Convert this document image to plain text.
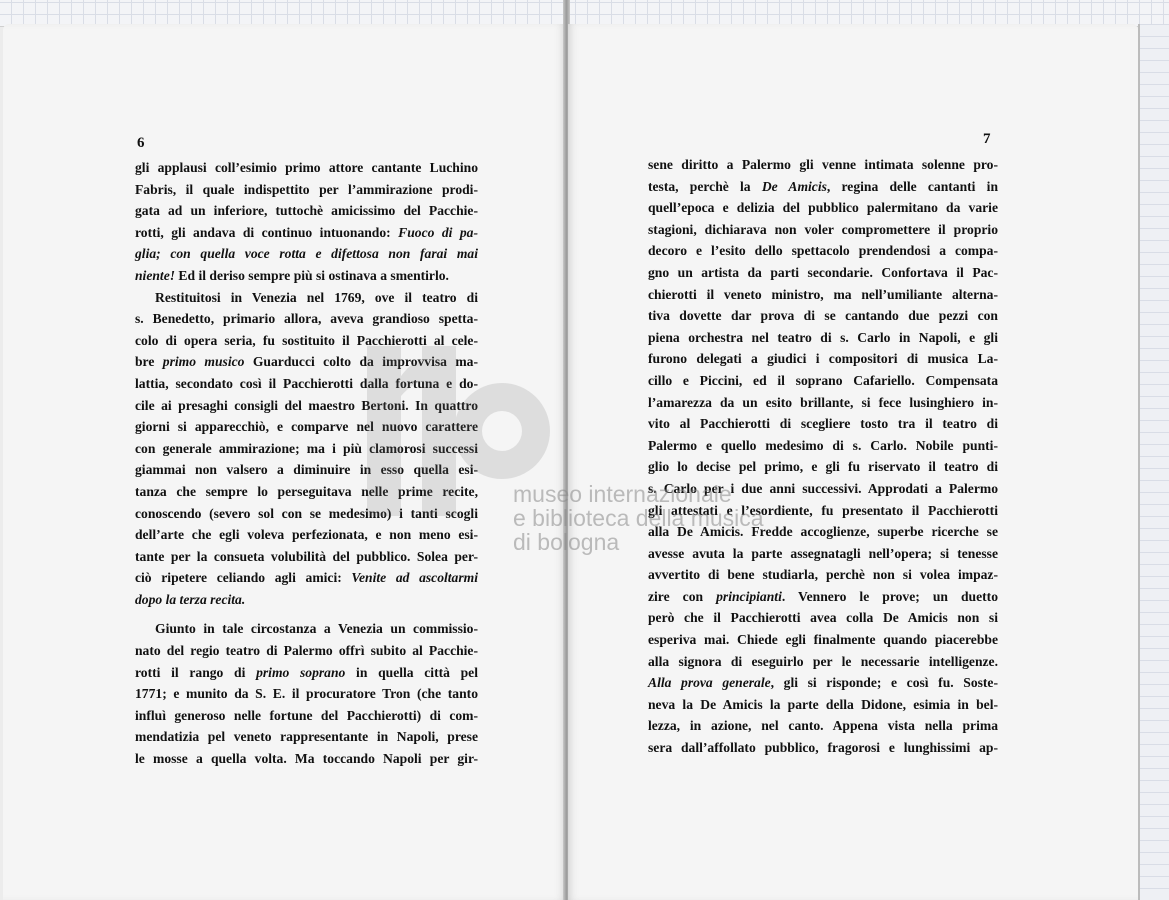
6
gli applausi coll’esimio primo attore cantante Luchino
Fabris, il quale indispettito per l’ammirazione prodi-
gata ad un inferiore, tuttochè amicissimo del Pacchie-
rotti, gli andava di continuo intuonando: Fuoco di pa-
glia; con quella voce rotta e difettosa non farai mai
niente! Ed il deriso sempre più si ostinava a smentirlo.
Restituitosi in Venezia nel 1769, ove il teatro di
s. Benedetto, primario allora, aveva grandioso spetta-
colo di opera seria, fu sostituito il Pacchierotti al cele-
bre primo musico Guarducci colto da improvvisa ma-
lattia, secondato così il Pacchierotti dalla fortuna e do-
cile ai presaghi consigli del maestro Bertoni. In quattro
giorni si apparecchiò, e comparve nel nuovo carattere
con generale ammirazione; ma i più clamorosi successi
giammai non valsero a diminuire in esso quella esi-
tanza che sempre lo perseguitava nelle prime recite,
conoscendo (severo sol con se medesimo) i tanti scogli
dell’arte che egli voleva perfezionata, e non meno esi-
tante per la consueta volubilità del pubblico. Solea per-
ciò ripetere celiando agli amici: Venite ad ascoltarmi
dopo la terza recita.
Giunto in tale circostanza a Venezia un commissio-
nato del regio teatro di Palermo offrì subito al Pacchie-
rotti il rango di primo soprano in quella città pel
1771; e munito da S. E. il procuratore Tron (che tanto
influì generoso nelle fortune del Pacchierotti) di com-
mendatizia pel veneto rappresentante in Napoli, prese
le mosse a quella volta. Ma toccando Napoli per gir-
7
sene diritto a Palermo gli venne intimata solenne pro-
testa, perchè la De Amicis, regina delle cantanti in
quell’epoca e delizia del pubblico palermitano da varie
stagioni, dichiarava non voler compromettere il proprio
decoro e l’esito dello spettacolo prendendosi a compa-
gno un artista da parti secondarie. Confortava il Pac-
chierotti il veneto ministro, ma nell’umiliante alterna-
tiva dovette dar prova di se cantando due pezzi con
piena orchestra nel teatro di s. Carlo in Napoli, e gli
furono delegati a giudici i compositori di musica La-
cillo e Piccini, ed il soprano Cafariello. Compensata
l’amarezza da un esito brillante, si fece lusinghiero in-
vito al Pacchierotti di scegliere tosto tra il teatro di
Palermo e quello medesimo di s. Carlo. Nobile punti-
glio lo decise pel primo, e gli fu riservato il teatro di
s. Carlo per i due anni successivi. Approdati a Palermo
gli attestati e l’esordiente, fu presentato il Pacchierotti
alla De Amicis. Fredde accoglienze, superbe ricerche se
avesse avuta la parte assegnatagli nell’opera; si tenesse
avvertito di bene studiarla, perchè non si volea impaz-
zire con principianti. Vennero le prove; un duetto
però che il Pacchierotti avea colla De Amicis non si
esperiva mai. Chiede egli finalmente quando piacerebbe
alla signora di eseguirlo per le necessarie intelligenze.
Alla prova generale, gli si risponde; e così fu. Soste-
neva la De Amicis la parte della Didone, esimia in bel-
lezza, in azione, nel canto. Appena vista nella prima
sera dall’affollato pubblico, fragorosi e lunghissimi ap-
museo internazionale
e biblioteca della musica
di bologna
